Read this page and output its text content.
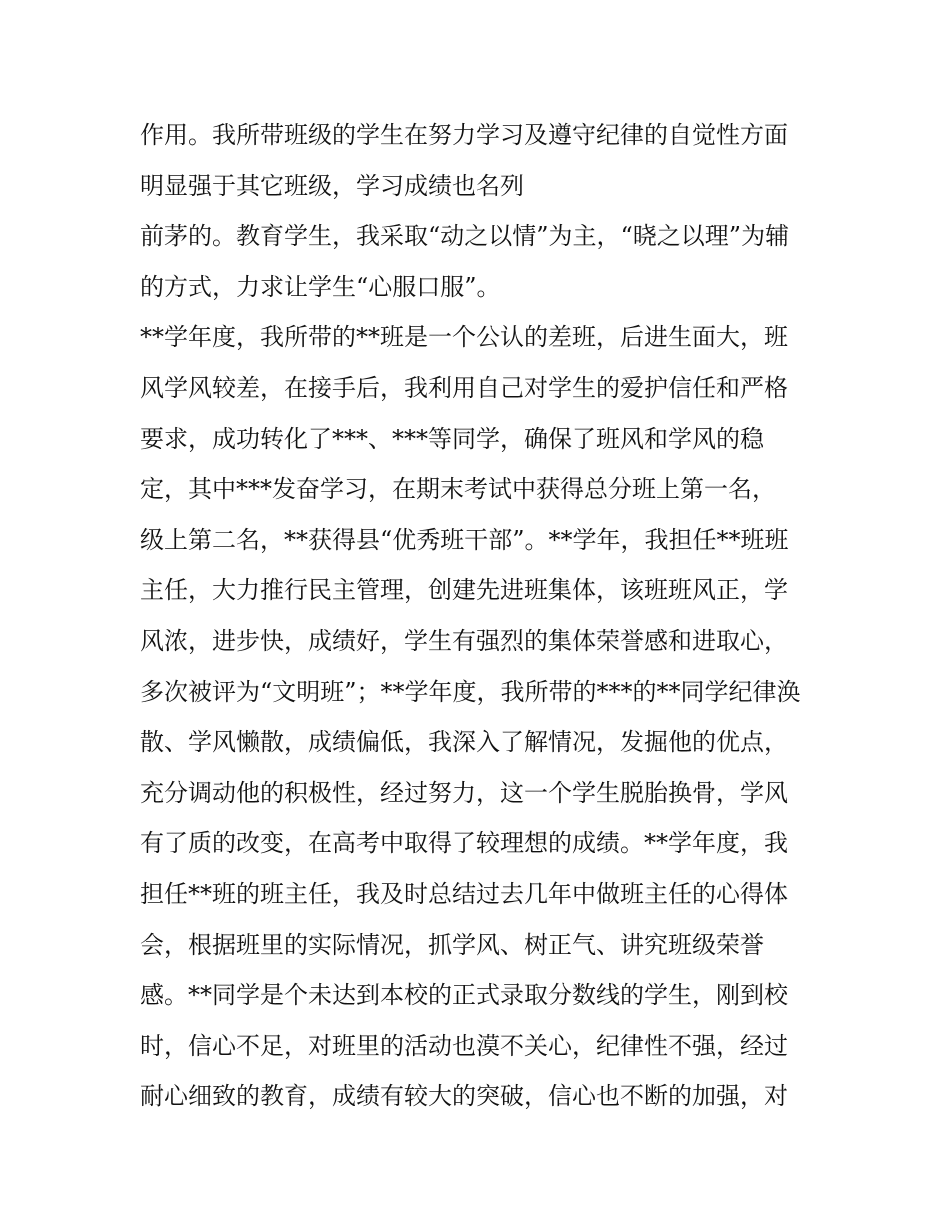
作用。我所带班级的学生在努力学习及遵守纪律的自觉性方面
明显强于其它班级，学习成绩也名列
前茅的。教育学生，我采取“动之以情”为主，“晓之以理”为辅
的方式，力求让学生“心服口服”。
**学年度，我所带的**班是一个公认的差班，后进生面大，班
风学风较差，在接手后，我利用自己对学生的爱护信任和严格
要求，成功转化了***、***等同学，确保了班风和学风的稳
定，其中***发奋学习，在期末考试中获得总分班上第一名，
级上第二名，**获得县“优秀班干部”。**学年，我担任**班班
主任，大力推行民主管理，创建先进班集体，该班班风正，学
风浓，进步快，成绩好，学生有强烈的集体荣誉感和进取心，
多次被评为“文明班”；**学年度，我所带的***的**同学纪律涣
散、学风懒散，成绩偏低，我深入了解情况，发掘他的优点，
充分调动他的积极性，经过努力，这一个学生脱胎换骨，学风
有了质的改变，在高考中取得了较理想的成绩。**学年度，我
担任**班的班主任，我及时总结过去几年中做班主任的心得体
会，根据班里的实际情况，抓学风、树正气、讲究班级荣誉
感。**同学是个未达到本校的正式录取分数线的学生，刚到校
时，信心不足，对班里的活动也漠不关心，纪律性不强，经过
耐心细致的教育，成绩有较大的突破，信心也不断的加强，对
